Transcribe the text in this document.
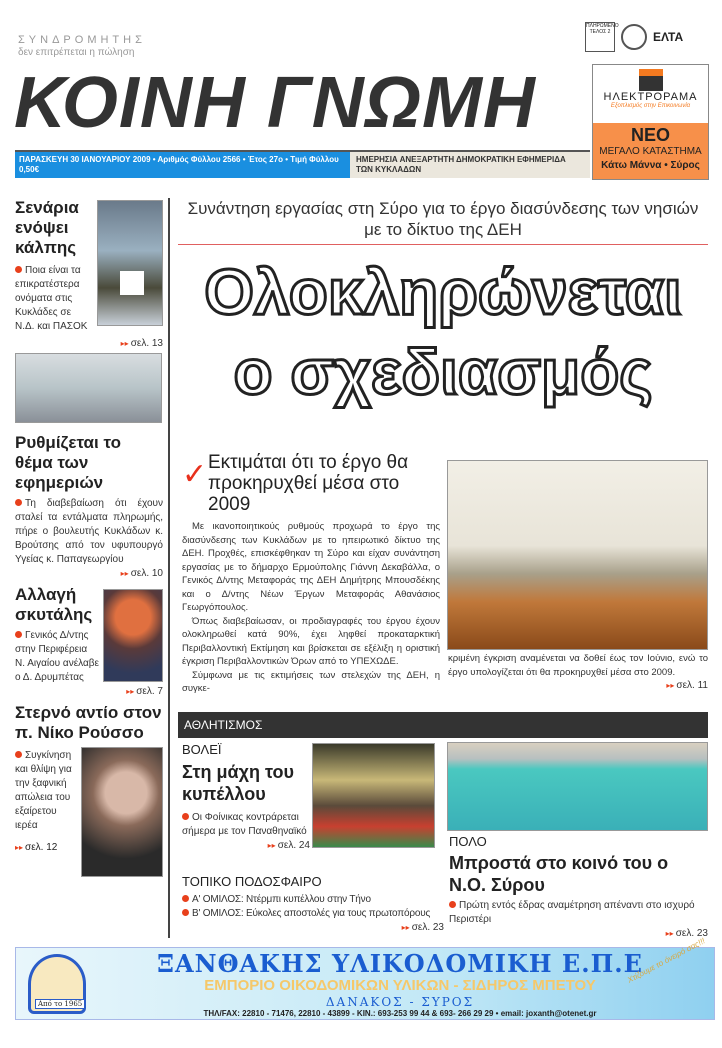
ΣΥΝΔΡΟΜΗΤΗΣ
δεν επιτρέπεται η πώληση
ΚΟΙΝΗ ΓΝΩΜΗ
ΠΛΗΡΩΜΕΝΟ ΤΕΛΟΣ 2	ΕΛΤΑ
ΠΑΡΑΣΚΕΥΗ 30 ΙΑΝΟΥΑΡΙΟΥ 2009 • Αριθμός Φύλλου 2566 • Έτος 27ο • Τιμή Φύλλου 0,50€
ΗΜΕΡΗΣΙΑ ΑΝΕΞΑΡΤΗΤΗ ΔΗΜΟΚΡΑΤΙΚΗ ΕΦΗΜΕΡΙΔΑ ΤΩΝ ΚΥΚΛΑΔΩΝ
ΗΛΕΚΤΡΟΡΑΜΑ
Εξοπλισμός στην Επικοινωνία
ΝΕΟ
ΜΕΓΑΛΟ ΚΑΤΑΣΤΗΜΑ
Κάτω Μάννα • Σύρος
Σενάρια ενόψει κάλπης
Ποια είναι τα επικρατέστερα ονόματα στις Κυκλάδες σε Ν.Δ. και ΠΑΣΟΚ
▸▸ σελ. 13
Ρυθμίζεται το θέμα των εφημεριών
Τη διαβεβαίωση ότι έχουν σταλεί τα εντάλματα πληρωμής, πήρε ο βουλευτής Κυκλάδων κ. Βρούτσης από τον υφυπουργό Υγείας κ. Παπαγεωργίου
▸▸ σελ. 10
Αλλαγή σκυτάλης
Γενικός Δ/ντης στην Περιφέρεια Ν. Αιγαίου ανέλαβε ο Δ. Δρυμπέτας
▸▸ σελ. 7
Στερνό αντίο στον π. Νίκο Ρούσσο
Συγκίνηση και θλίψη για την ξαφνική απώλεια του εξαίρετου ιερέα
▸▸ σελ. 12
Συνάντηση εργασίας στη Σύρο για το έργο διασύνδεσης των νησιών με το δίκτυο της ΔΕΗ
Ολοκληρώνεται
ο σχεδιασμός
✓ Εκτιμάται ότι το έργο θα προκηρυχθεί μέσα στο 2009

Με ικανοποιητικούς ρυθμούς προχωρά το έργο της διασύνδεσης των Κυκλάδων με το ηπειρωτικό δίκτυο της ΔΕΗ. Προχθές, επισκέφθηκαν τη Σύρο και είχαν συνάντηση εργασίας με το δήμαρχο Ερμούπολης Γιάννη Δεκαβάλλα, ο Γενικός Δ/ντης Μεταφοράς της ΔΕΗ Δημήτρης Μπουσδέκης και ο Δ/ντης Νέων Έργων Μεταφοράς Αθανάσιος Γεωργόπουλος.

Όπως διαβεβαίωσαν, οι προδιαγραφές του έργου έχουν ολοκληρωθεί κατά 90%, έχει ληφθεί προκαταρκτική Περιβαλλοντική Εκτίμηση και βρίσκεται σε εξέλιξη η οριστική έγκριση Περιβαλλοντικών Όρων από το ΥΠΕΧΩΔΕ.

Σύμφωνα με τις εκτιμήσεις των στελεχών της ΔΕΗ, η συγκε-

κριμένη έγκριση αναμένεται να δοθεί έως τον Ιούνιο, ενώ το έργο υπολογίζεται ότι θα προκηρυχθεί μέσα στο 2009.
▸▸ σελ. 11
ΑΘΛΗΤΙΣΜΟΣ
ΒΟΛΕΪ
Στη μάχη του κυπέλλου
Οι Φοίνικας κοντράρεται σήμερα με τον Παναθηναϊκό
▸▸ σελ. 24
ΤΟΠΙΚΟ ΠΟΔΟΣΦΑΙΡΟ
Α' ΟΜΙΛΟΣ: Ντέρμπι κυπέλλου στην Τήνο
Β' ΟΜΙΛΟΣ: Εύκολες αποστολές για τους πρωτοπόρους
▸▸ σελ. 23
ΠΟΛΟ
Μπροστά στο κοινό του ο Ν.Ο. Σύρου
Πρώτη εντός έδρας αναμέτρηση απέναντι στο ισχυρό Περιστέρι
▸▸ σελ. 23
Από το 1965
ΞΑΝΘΑΚΗΣ ΥΛΙΚΟΔΟΜΙΚΗ Ε.Π.Ε
ΕΜΠΟΡΙΟ ΟΙΚΟΔΟΜΙΚΩΝ ΥΛΙΚΩΝ - ΣΙΔΗΡΟΣ ΜΠΕΤΟΥ
ΔΑΝΑΚΟΣ - ΣΥΡΟΣ
ΤΗΛ/FAX: 22810 - 71476, 22810 - 43899 - ΚΙΝ.: 693-253 99 44 & 693- 266 29 29 • email: joxanth@otenet.gr
Χτίζουμε το όνειρό σας!!!
